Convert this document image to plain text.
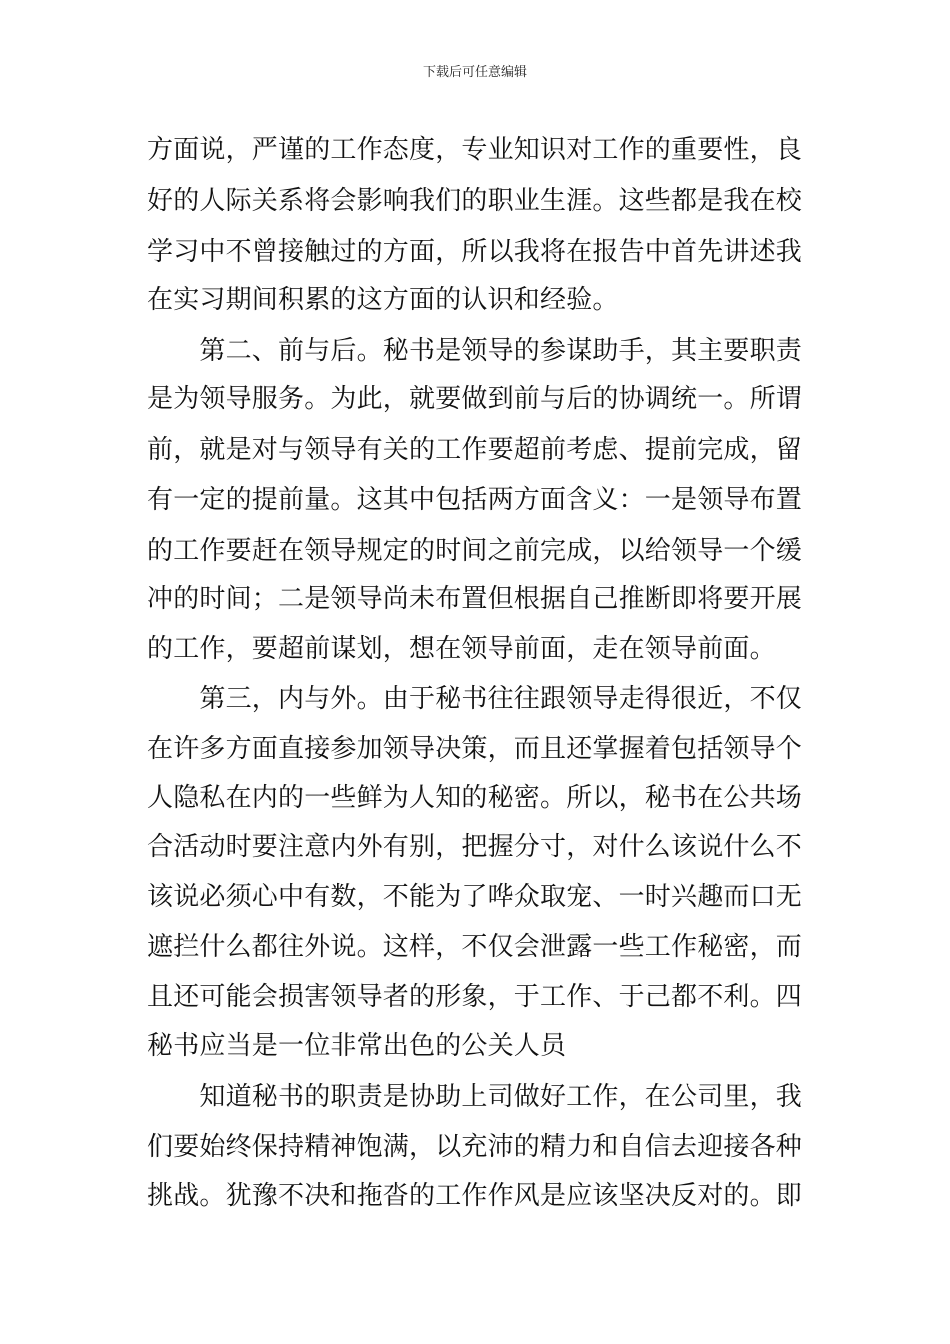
下载后可任意编辑
方面说，严谨的工作态度，专业知识对工作的重要性，良
好的人际关系将会影响我们的职业生涯。这些都是我在校
学习中不曾接触过的方面，所以我将在报告中首先讲述我
在实习期间积累的这方面的认识和经验。
　　第二、前与后。秘书是领导的参谋助手，其主要职责
是为领导服务。为此，就要做到前与后的协调统一。所谓
前，就是对与领导有关的工作要超前考虑、提前完成，留
有一定的提前量。这其中包括两方面含义：一是领导布置
的工作要赶在领导规定的时间之前完成，以给领导一个缓
冲的时间；二是领导尚未布置但根据自己推断即将要开展
的工作，要超前谋划，想在领导前面，走在领导前面。
　　第三，内与外。由于秘书往往跟领导走得很近，不仅
在许多方面直接参加领导决策，而且还掌握着包括领导个
人隐私在内的一些鲜为人知的秘密。所以，秘书在公共场
合活动时要注意内外有别，把握分寸，对什么该说什么不
该说必须心中有数，不能为了哗众取宠、一时兴趣而口无
遮拦什么都往外说。这样，不仅会泄露一些工作秘密，而
且还可能会损害领导者的形象，于工作、于己都不利。四
秘书应当是一位非常出色的公关人员
　　知道秘书的职责是协助上司做好工作，在公司里，我
们要始终保持精神饱满，以充沛的精力和自信去迎接各种
挑战。犹豫不决和拖沓的工作作风是应该坚决反对的。即
